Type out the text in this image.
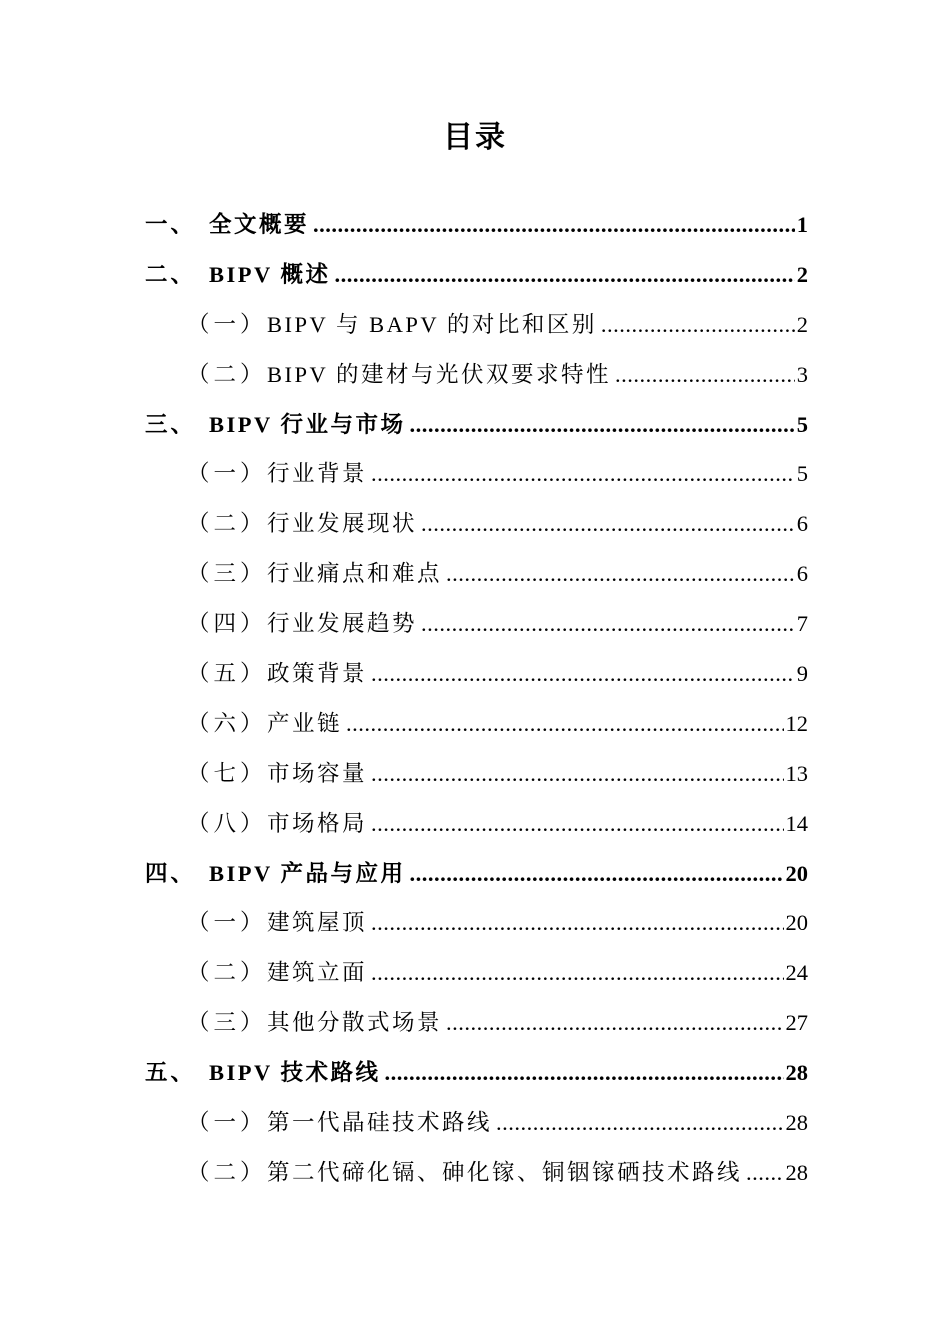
目录
一、 全文概要 .....	1
二、 BIPV 概述 .....	2
（一） BIPV 与 BAPV 的对比和区别 .....	2
（二） BIPV 的建材与光伏双要求特性 .....	3
三、 BIPV 行业与市场 .....	5
（一） 行业背景 .....	5
（二） 行业发展现状 .....	6
（三） 行业痛点和难点 .....	6
（四） 行业发展趋势 .....	7
（五） 政策背景 .....	9
（六） 产业链 .....	12
（七） 市场容量 .....	13
（八） 市场格局 .....	14
四、 BIPV 产品与应用 .....	20
（一） 建筑屋顶 .....	20
（二） 建筑立面 .....	24
（三） 其他分散式场景 .....	27
五、 BIPV 技术路线 .....	28
（一） 第一代晶硅技术路线 .....	28
（二） 第二代碲化镉、砷化镓、铜铟镓硒技术路线 ..... 28
